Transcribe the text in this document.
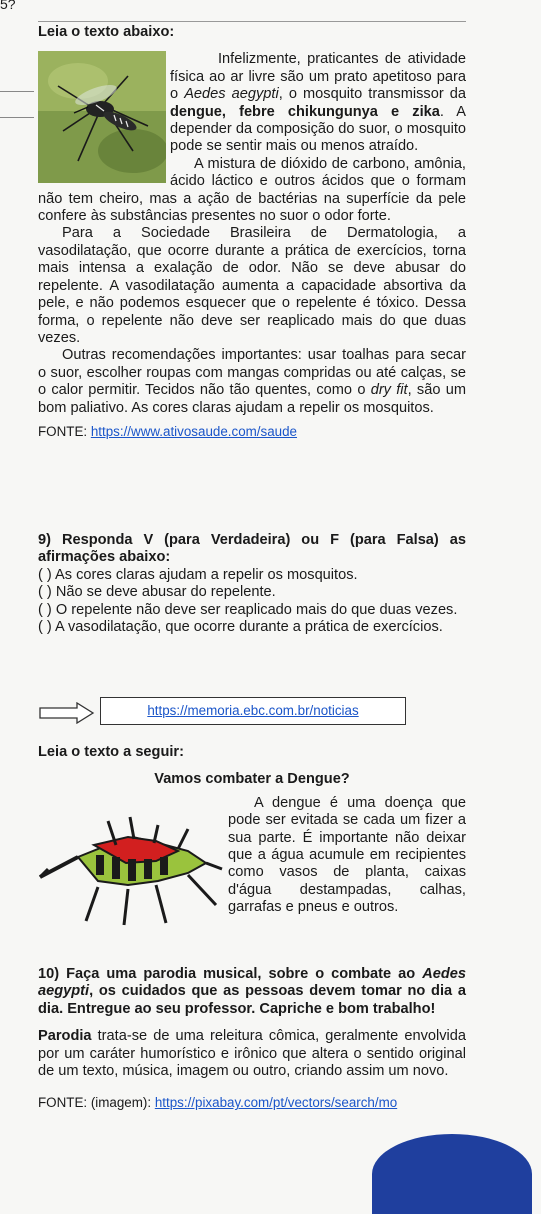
5?
Leia o texto abaixo:

Infelizmente, praticantes de atividade física ao ar livre são um prato apetitoso para o Aedes aegypti, o mosquito transmissor da dengue, febre chikungunya e zika. A depender da composição do suor, o mosquito pode se sentir mais ou menos atraído.

A mistura de dióxido de carbono, amônia, ácido láctico e outros ácidos que o formam não tem cheiro, mas a ação de bactérias na superfície da pele confere às substâncias presentes no suor o odor forte.

Para a Sociedade Brasileira de Dermatologia, a vasodilatação, que ocorre durante a prática de exercícios, torna mais intensa a exalação de odor. Não se deve abusar do repelente. A vasodilatação aumenta a capacidade absortiva da pele, e não podemos esquecer que o repelente é tóxico. Dessa forma, o repelente não deve ser reaplicado mais do que duas vezes.

Outras recomendações importantes: usar toalhas para secar o suor, escolher roupas com mangas compridas ou até calças, se o calor permitir. Tecidos não tão quentes, como o dry fit, são um bom paliativo. As cores claras ajudam a repelir os mosquitos.

FONTE: https://www.ativosaude.com/saude

9) Responda V (para Verdadeira) ou F (para Falsa) as afirmações abaixo:

( ) As cores claras ajudam a repelir os mosquitos.

( ) Não se deve abusar do repelente.

( ) O repelente não deve ser reaplicado mais do que duas vezes.

( ) A vasodilatação, que ocorre durante a prática de exercícios.

https://memoria.ebc.com.br/noticias
Leia o texto a seguir:
Vamos combater a Dengue?

A dengue é uma doença que pode ser evitada se cada um fizer a sua parte. É importante não deixar que a água acumule em recipientes como vasos de planta, caixas d'água destampadas, calhas, garrafas e pneus e outros.

10) Faça uma parodia musical, sobre o combate ao Aedes aegypti, os cuidados que as pessoas devem tomar no dia a dia. Entregue ao seu professor. Capriche e bom trabalho!

Parodia trata-se de uma releitura cômica, geralmente envolvida por um caráter humorístico e irônico que altera o sentido original de um texto, música, imagem ou outro, criando assim um novo.

FONTE: (imagem): https://pixabay.com/pt/vectors/search/mo
